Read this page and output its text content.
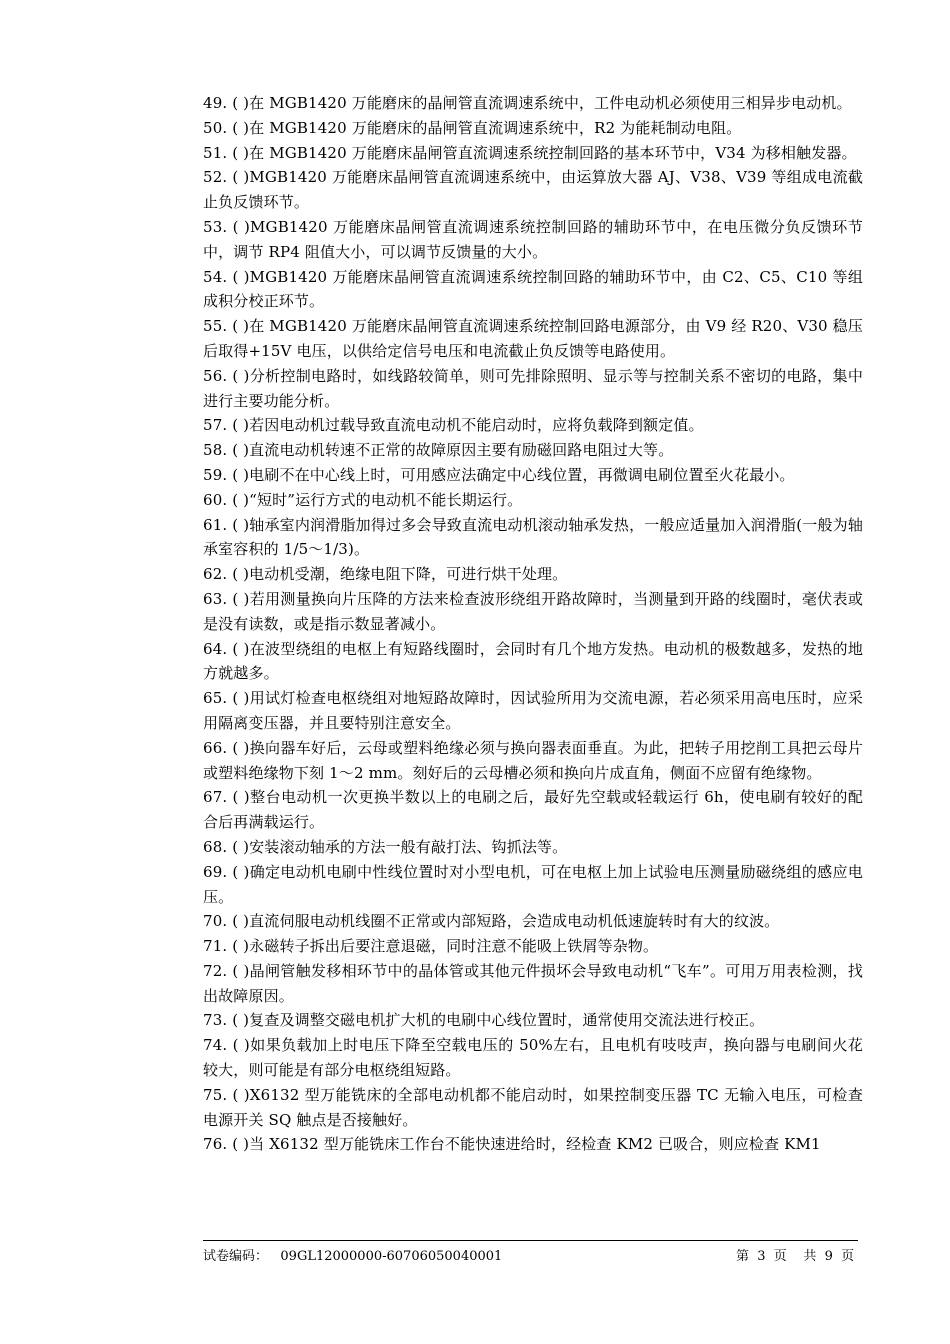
49. ( )在 MGB1420 万能磨床的晶闸管直流调速系统中，工件电动机必须使用三相异步电动机。
50. ( )在 MGB1420 万能磨床的晶闸管直流调速系统中，R2 为能耗制动电阻。
51. ( )在 MGB1420 万能磨床晶闸管直流调速系统控制回路的基本环节中，V34 为移相触发器。
52. ( )MGB1420 万能磨床晶闸管直流调速系统中，由运算放大器 AJ、V38、V39 等组成电流截止负反馈环节。
53. ( )MGB1420 万能磨床晶闸管直流调速系统控制回路的辅助环节中，在电压微分负反馈环节中，调节 RP4 阻值大小，可以调节反馈量的大小。
54. ( )MGB1420 万能磨床晶闸管直流调速系统控制回路的辅助环节中，由 C2、C5、C10 等组成积分校正环节。
55. ( )在 MGB1420 万能磨床晶闸管直流调速系统控制回路电源部分，由 V9 经 R20、V30 稳压后取得+15V 电压，以供给定信号电压和电流截止负反馈等电路使用。
56. ( )分析控制电路时，如线路较简单，则可先排除照明、显示等与控制关系不密切的电路，集中进行主要功能分析。
57. ( )若因电动机过载导致直流电动机不能启动时，应将负载降到额定值。
58. ( )直流电动机转速不正常的故障原因主要有励磁回路电阻过大等。
59. ( )电刷不在中心线上时，可用感应法确定中心线位置，再微调电刷位置至火花最小。
60. ( )“短时”运行方式的电动机不能长期运行。
61. ( )轴承室内润滑脂加得过多会导致直流电动机滚动轴承发热，一般应适量加入润滑脂(一般为轴承室容积的 1/5～1/3)。
62. ( )电动机受潮，绝缘电阻下降，可进行烘干处理。
63. ( )若用测量换向片压降的方法来检查波形绕组开路故障时，当测量到开路的线圈时，毫伏表或是没有读数，或是指示数显著减小。
64. ( )在波型绕组的电枢上有短路线圈时，会同时有几个地方发热。电动机的极数越多，发热的地方就越多。
65. ( )用试灯检查电枢绕组对地短路故障时，因试验所用为交流电源，若必须采用高电压时，应采用隔离变压器，并且要特别注意安全。
66. ( )换向器车好后，云母或塑料绝缘必须与换向器表面垂直。为此，把转子用挖削工具把云母片或塑料绝缘物下刻 1～2 mm。刻好后的云母槽必须和换向片成直角，侧面不应留有绝缘物。
67. ( )整台电动机一次更换半数以上的电刷之后，最好先空载或轻载运行 6h，使电刷有较好的配合后再满载运行。
68. ( )安装滚动轴承的方法一般有敲打法、钩抓法等。
69. ( )确定电动机电刷中性线位置时对小型电机，可在电枢上加上试验电压测量励磁绕组的感应电压。
70. ( )直流伺服电动机线圈不正常或内部短路，会造成电动机低速旋转时有大的纹波。
71. ( )永磁转子拆出后要注意退磁，同时注意不能吸上铁屑等杂物。
72. ( )晶闸管触发移相环节中的晶体管或其他元件损坏会导致电动机“飞车”。可用万用表检测，找出故障原因。
73. ( )复查及调整交磁电机扩大机的电刷中心线位置时，通常使用交流法进行校正。
74. ( )如果负载加上时电压下降至空载电压的 50%左右，且电机有吱吱声，换向器与电刷间火花较大，则可能是有部分电枢绕组短路。
75. ( )X6132 型万能铣床的全部电动机都不能启动时，如果控制变压器 TC 无输入电压，可检查电源开关 SQ 触点是否接触好。
76. ( )当 X6132 型万能铣床工作台不能快速进给时，经检查 KM2 已吸合，则应检查 KM1
试卷编码：   09GL12000000-60706050040001	第  3  页    共  9  页
